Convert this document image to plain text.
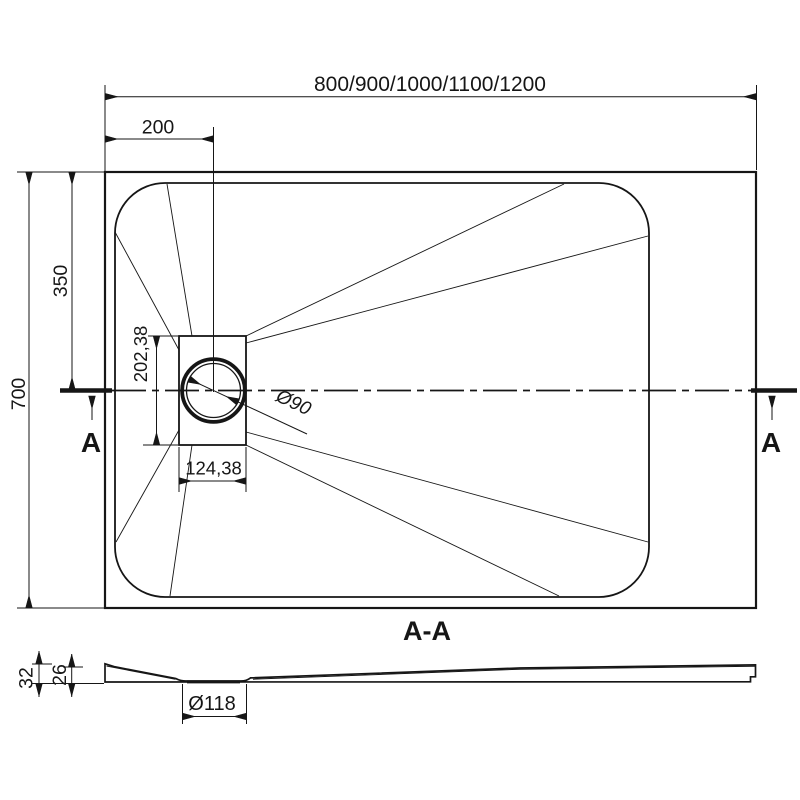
A	A
800/900/1000/1100/1200
200
700
350
202,38
124,38
Ø90
A-A
32 26
Ø118
